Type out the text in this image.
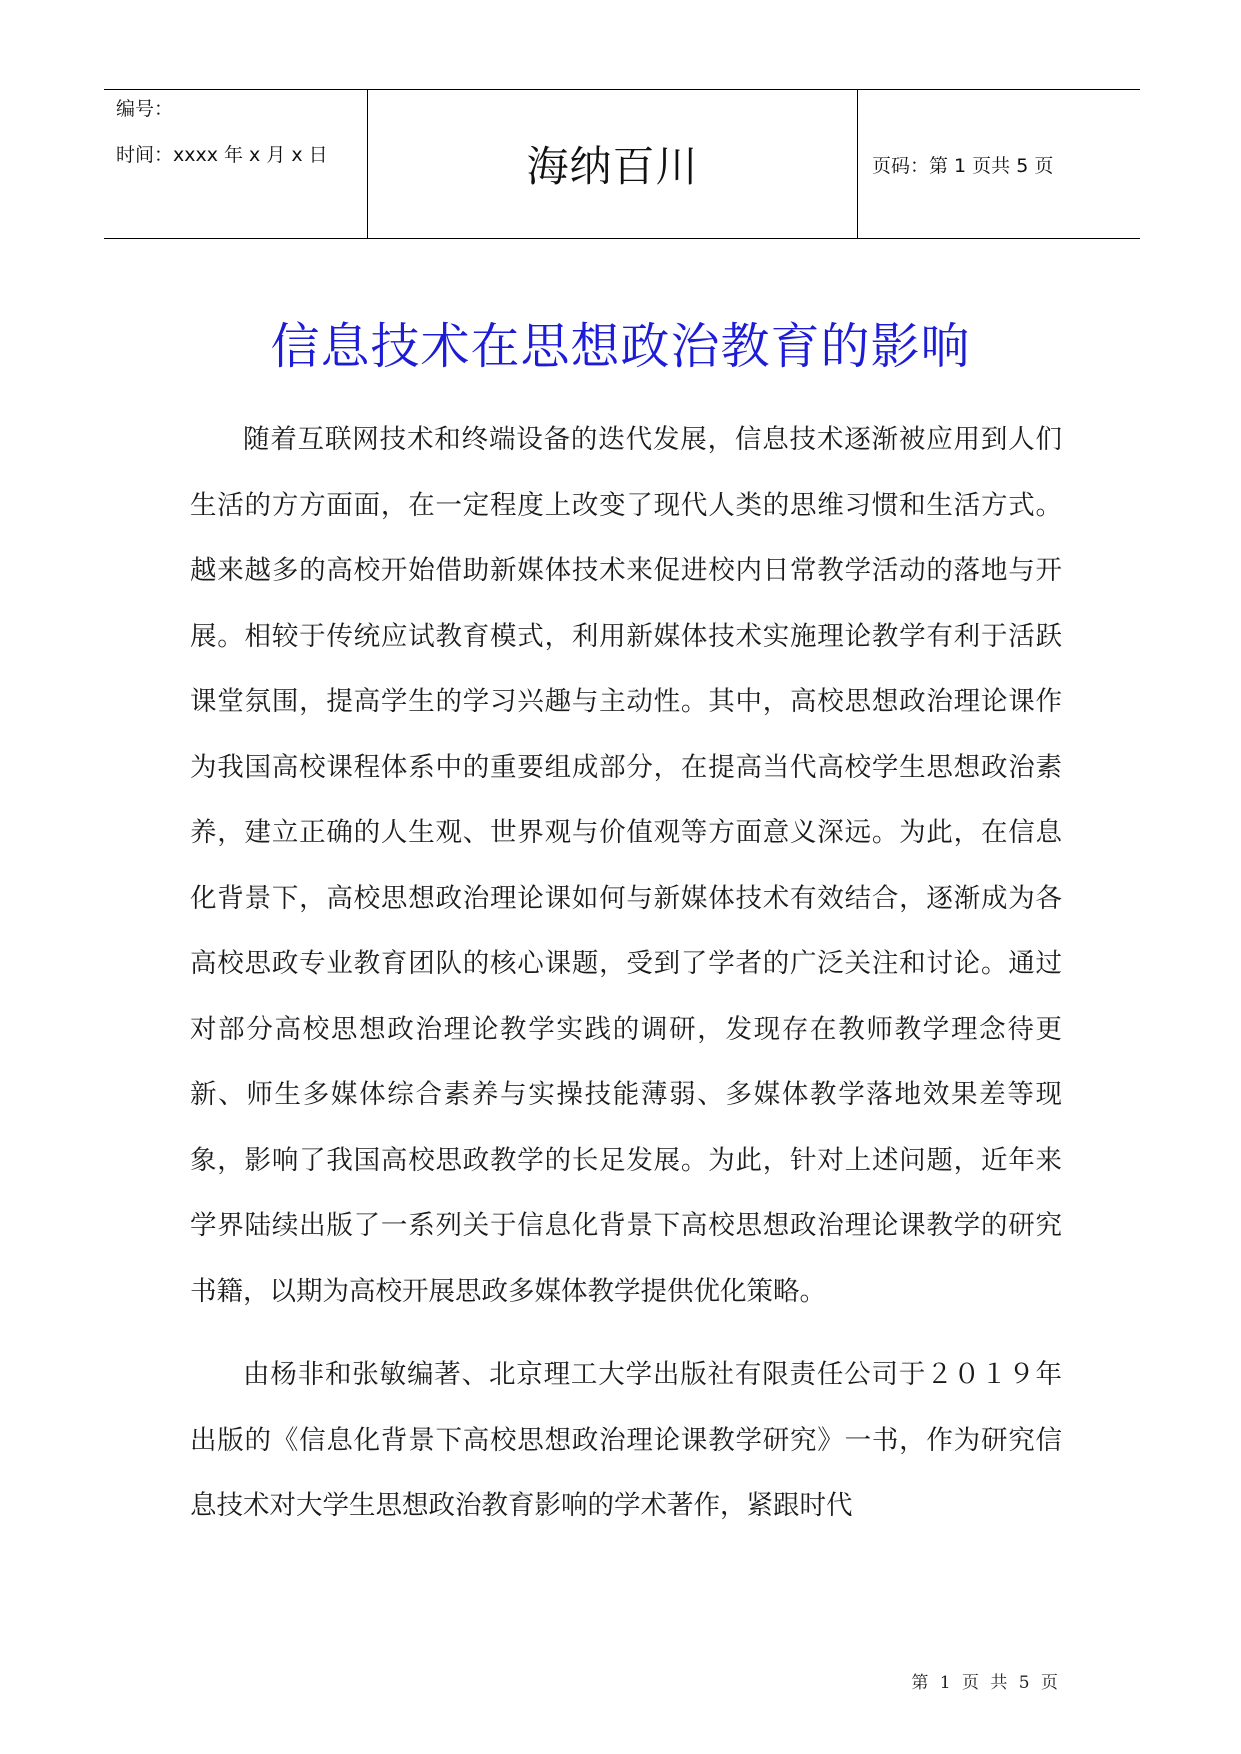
编号：
时间：xxxx 年 x 月 x 日	海纳百川	页码：第 1 页共 5 页
信息技术在思想政治教育的影响

随着互联网技术和终端设备的迭代发展，信息技术逐渐被应用到人们生活的方方面面，在一定程度上改变了现代人类的思维习惯和生活方式。越来越多的高校开始借助新媒体技术来促进校内日常教学活动的落地与开展。相较于传统应试教育模式，利用新媒体技术实施理论教学有利于活跃课堂氛围，提高学生的学习兴趣与主动性。其中，高校思想政治理论课作为我国高校课程体系中的重要组成部分，在提高当代高校学生思想政治素养，建立正确的人生观、世界观与价值观等方面意义深远。为此，在信息化背景下，高校思想政治理论课如何与新媒体技术有效结合，逐渐成为各高校思政专业教育团队的核心课题，受到了学者的广泛关注和讨论。通过对部分高校思想政治理论教学实践的调研，发现存在教师教学理念待更新、师生多媒体综合素养与实操技能薄弱、多媒体教学落地效果差等现象，影响了我国高校思政教学的长足发展。为此，针对上述问题，近年来学界陆续出版了一系列关于信息化背景下高校思想政治理论课教学的研究书籍，以期为高校开展思政多媒体教学提供优化策略。

由杨非和张敏编著、北京理工大学出版社有限责任公司于２０１９年出版的《信息化背景下高校思想政治理论课教学研究》一书，作为研究信息技术对大学生思想政治教育影响的学术著作，紧跟时代

第 1 页 共 5 页
